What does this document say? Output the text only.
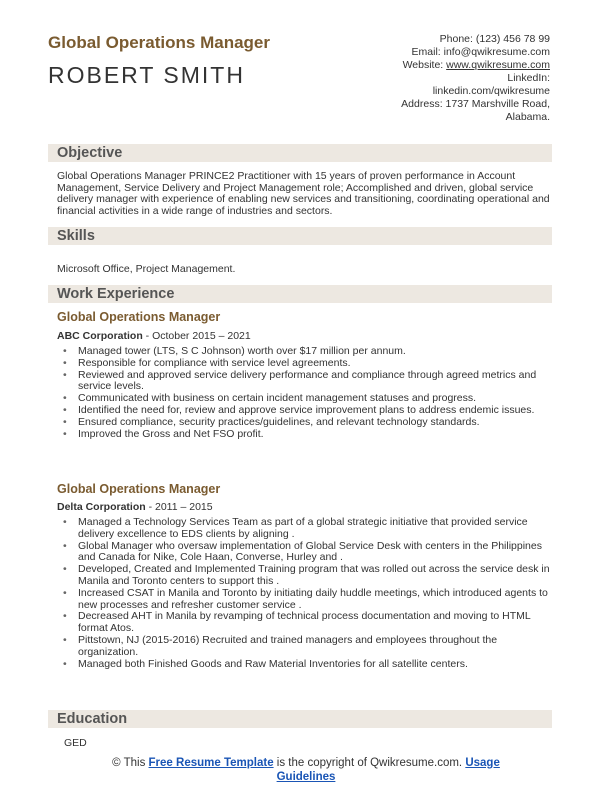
Global Operations Manager
ROBERT SMITH
Phone: (123) 456 78 99
Email: info@qwikresume.com
Website: www.qwikresume.com
LinkedIn:
linkedin.com/qwikresume
Address: 1737 Marshville Road,
Alabama.
Objective
Global Operations Manager PRINCE2 Practitioner with 15 years of proven performance in Account Management, Service Delivery and Project Management role; Accomplished and driven, global service delivery manager with experience of enabling new services and transitioning, coordinating operational and financial activities in a wide range of industries and sectors.
Skills
Microsoft Office, Project Management.
Work Experience
Global Operations Manager
ABC Corporation - October 2015 – 2021
• Managed tower (LTS, S C Johnson) worth over $17 million per annum.
• Responsible for compliance with service level agreements.
• Reviewed and approved service delivery performance and compliance through agreed metrics and service levels.
• Communicated with business on certain incident management statuses and progress.
• Identified the need for, review and approve service improvement plans to address endemic issues.
• Ensured compliance, security practices/guidelines, and relevant technology standards.
• Improved the Gross and Net FSO profit.
Global Operations Manager
Delta Corporation - 2011 – 2015
• Managed a Technology Services Team as part of a global strategic initiative that provided service delivery excellence to EDS clients by aligning .
• Global Manager who oversaw implementation of Global Service Desk with centers in the Philippines and Canada for Nike, Cole Haan, Converse, Hurley and .
• Developed, Created and Implemented Training program that was rolled out across the service desk in Manila and Toronto centers to support this .
• Increased CSAT in Manila and Toronto by initiating daily huddle meetings, which introduced agents to new processes and refresher customer service .
• Decreased AHT in Manila by revamping of technical process documentation and moving to HTML format Atos.
• Pittstown, NJ (2015-2016) Recruited and trained managers and employees throughout the organization.
• Managed both Finished Goods and Raw Material Inventories for all satellite centers.
Education
GED
© This Free Resume Template is the copyright of Qwikresume.com. Usage
Guidelines
